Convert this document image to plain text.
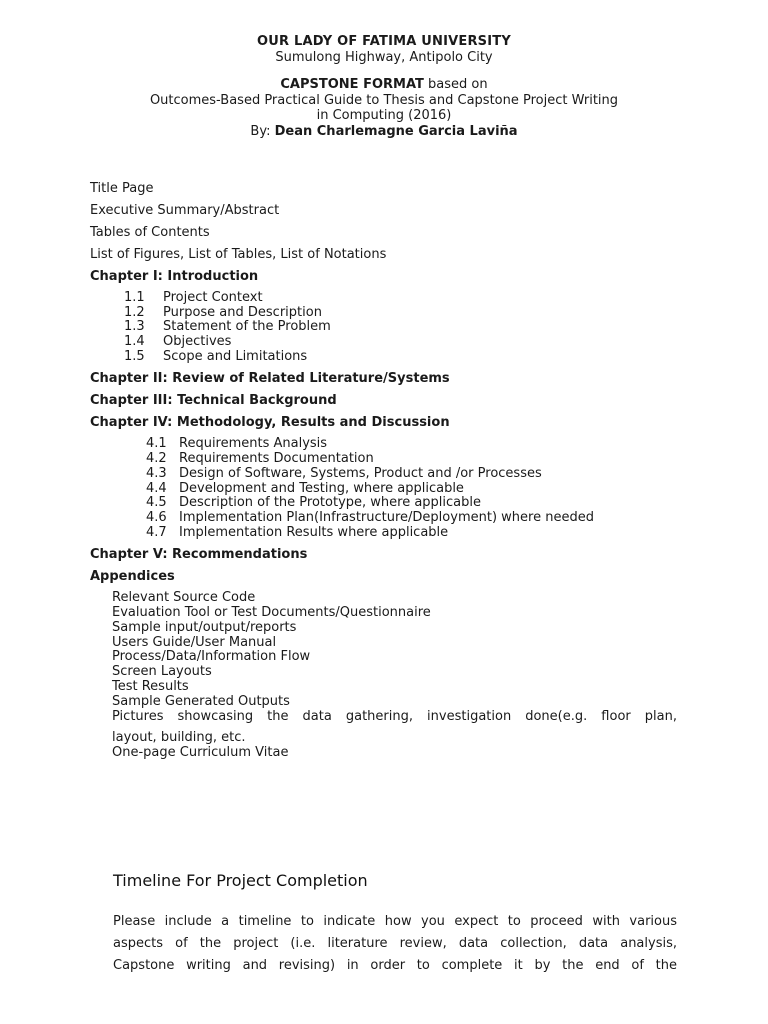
OUR LADY OF FATIMA UNIVERSITY
Sumulong Highway, Antipolo City
CAPSTONE FORMAT based on
Outcomes-Based Practical Guide to Thesis and Capstone Project Writing
in Computing (2016)
By: Dean Charlemagne Garcia Laviña
Title Page
Executive Summary/Abstract
Tables of Contents
List of Figures, List of Tables, List of Notations
Chapter I: Introduction
1.1 Project Context
1.2 Purpose and Description
1.3 Statement of the Problem
1.4 Objectives
1.5 Scope and Limitations
Chapter II: Review of Related Literature/Systems
Chapter III: Technical Background
Chapter IV: Methodology, Results and Discussion
4.1 Requirements Analysis
4.2 Requirements Documentation
4.3 Design of Software, Systems, Product and /or Processes
4.4 Development and Testing, where applicable
4.5 Description of the Prototype, where applicable
4.6 Implementation Plan(Infrastructure/Deployment) where needed
4.7 Implementation Results where applicable
Chapter V: Recommendations
Appendices
Relevant Source Code
Evaluation Tool or Test Documents/Questionnaire
Sample input/output/reports
Users Guide/User Manual
Process/Data/Information Flow
Screen Layouts
Test Results
Sample Generated Outputs
Pictures showcasing the data gathering, investigation done(e.g. floor plan,
layout, building, etc.
One-page Curriculum Vitae
Timeline For Project Completion
Please include a timeline to indicate how you expect to proceed with various
aspects of the project (i.e. literature review, data collection, data analysis,
Capstone writing and revising) in order to complete it by the end of the
